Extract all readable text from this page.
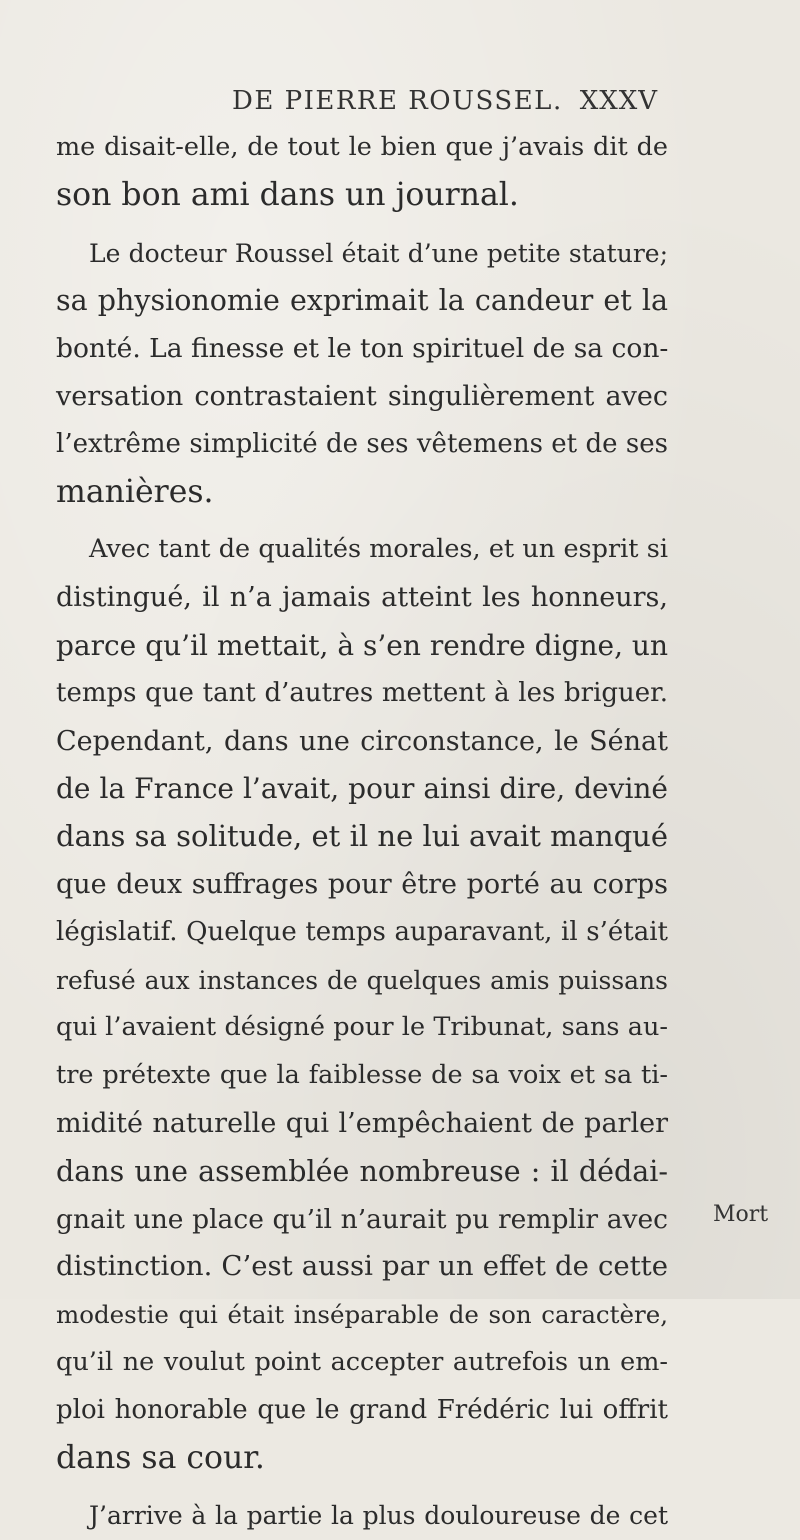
DE PIERRE ROUSSEL. XXXV
me disait-elle, de tout le bien que j’avais dit de
son bon ami dans un journal.
Le docteur Roussel était d’une petite stature;
sa physionomie exprimait la candeur et la
bonté. La finesse et le ton spirituel de sa con-
versation contrastaient singulièrement avec
l’extrême simplicité de ses vêtemens et de ses
manières.
Avec tant de qualités morales, et un esprit si
distingué, il n’a jamais atteint les honneurs,
parce qu’il mettait, à s’en rendre digne, un
temps que tant d’autres mettent à les briguer.
Cependant, dans une circonstance, le Sénat
de la France l’avait, pour ainsi dire, deviné
dans sa solitude, et il ne lui avait manqué
que deux suffrages pour être porté au corps
législatif. Quelque temps auparavant, il s’était
refusé aux instances de quelques amis puissans
qui l’avaient désigné pour le Tribunat, sans au-
tre prétexte que la faiblesse de sa voix et sa ti-
midité naturelle qui l’empêchaient de parler
dans une assemblée nombreuse : il dédai-
gnait une place qu’il n’aurait pu remplir avec
distinction. C’est aussi par un effet de cette
modestie qui était inséparable de son caractère,
qu’il ne voulut point accepter autrefois un em-
ploi honorable que le grand Frédéric lui offrit
dans sa cour.
J’arrive à la partie la plus douloureuse de cet
Mort
